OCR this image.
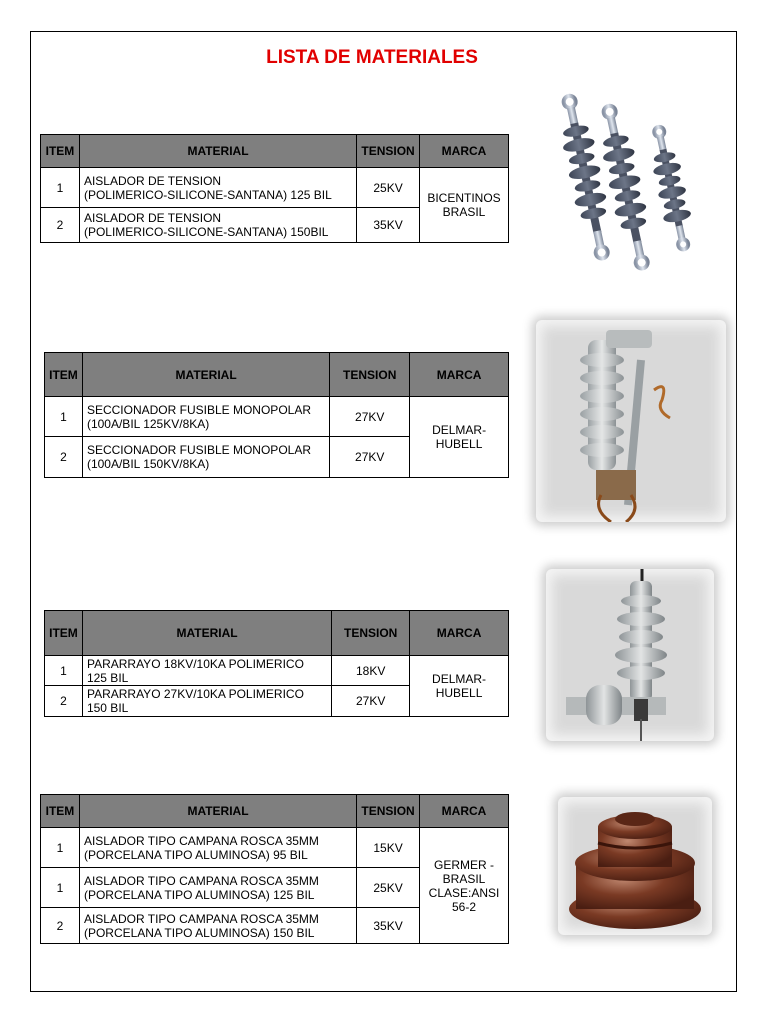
LISTA DE MATERIALES
ITEM	MATERIAL	TENSION	MARCA
1	AISLADOR DE TENSION
(POLIMERICO-SILICONE-SANTANA) 125 BIL	25KV	BICENTINOS
BRASIL
2	AISLADOR DE TENSION
(POLIMERICO-SILICONE-SANTANA) 150BIL	35KV	
ITEM	MATERIAL	TENSION	MARCA
1	SECCIONADOR FUSIBLE MONOPOLAR
(100A/BIL 125KV/8KA)	27KV	DELMAR-
HUBELL
2	SECCIONADOR FUSIBLE MONOPOLAR
(100A/BIL 150KV/8KA)	27KV	
ITEM	MATERIAL	TENSION	MARCA
1	PARARRAYO 18KV/10KA POLIMERICO
125 BIL	18KV	DELMAR-
HUBELL
2	PARARRAYO 27KV/10KA POLIMERICO
150 BIL	27KV	
ITEM	MATERIAL	TENSION	MARCA
1	AISLADOR TIPO CAMPANA ROSCA 35MM
(PORCELANA TIPO ALUMINOSA) 95 BIL	15KV	GERMER -
BRASIL
CLASE:ANSI
56-2
1	AISLADOR TIPO CAMPANA ROSCA 35MM
(PORCELANA TIPO ALUMINOSA) 125 BIL	25KV	
2	AISLADOR TIPO CAMPANA ROSCA 35MM
(PORCELANA TIPO ALUMINOSA) 150 BIL	35KV	
